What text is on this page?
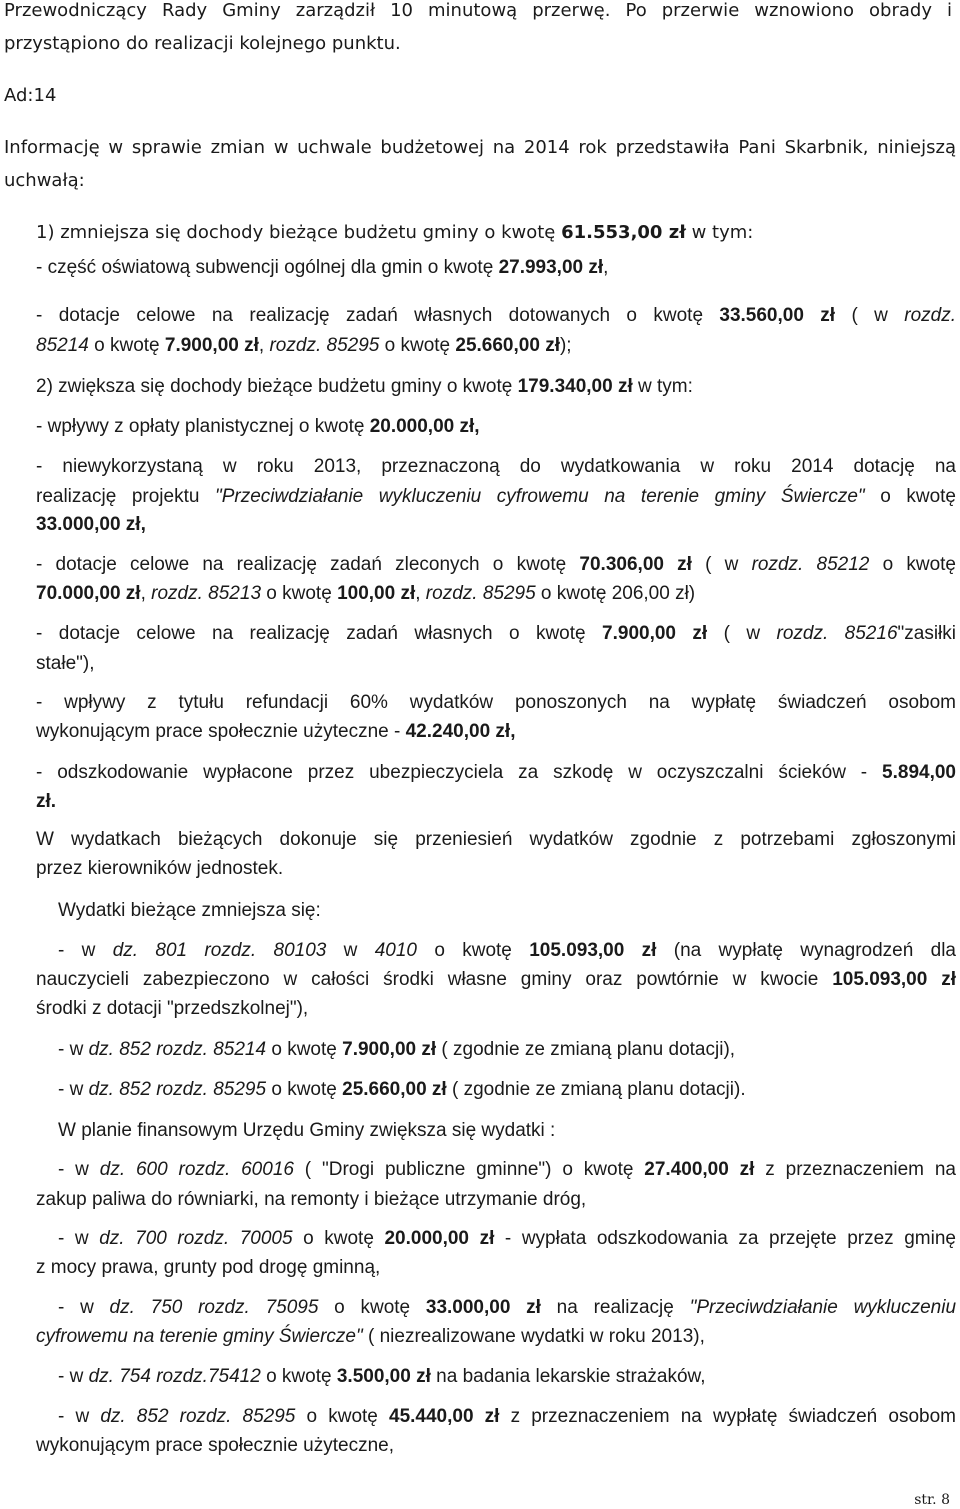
Przewodniczący Rady Gminy zarządził 10 minutową przerwę. Po przerwie wznowiono obrady i
przystąpiono do realizacji kolejnego punktu.
Ad:14
Informację w sprawie zmian w uchwale budżetowej na 2014 rok przedstawiła Pani Skarbnik, niniejszą
uchwałą:
1) zmniejsza się dochody bieżące budżetu gminy o kwotę 61.553,00 zł w tym:
- część oświatową subwencji ogólnej dla gmin o kwotę 27.993,00 zł,
- dotacje celowe na realizację zadań własnych dotowanych o kwotę 33.560,00 zł ( w rozdz.
85214 o kwotę 7.900,00 zł, rozdz. 85295 o kwotę 25.660,00 zł);
2) zwiększa się dochody bieżące budżetu gminy o kwotę 179.340,00 zł w tym:
- wpływy z opłaty planistycznej o kwotę 20.000,00 zł,
- niewykorzystaną w roku 2013, przeznaczoną do wydatkowania w roku 2014 dotację na
realizację projektu "Przeciwdziałanie wykluczeniu cyfrowemu na terenie gminy Świercze" o kwotę
33.000,00 zł,
- dotacje celowe na realizację zadań zleconych o kwotę 70.306,00 zł ( w rozdz. 85212 o kwotę
70.000,00 zł, rozdz. 85213 o kwotę 100,00 zł, rozdz. 85295 o kwotę 206,00 zł)
- dotacje celowe na realizację zadań własnych o kwotę 7.900,00 zł ( w rozdz. 85216"zasiłki
stałe"),
- wpływy z tytułu refundacji 60% wydatków ponoszonych na wypłatę świadczeń osobom
wykonującym prace społecznie użyteczne - 42.240,00 zł,
- odszkodowanie wypłacone przez ubezpieczyciela za szkodę w oczyszczalni ścieków - 5.894,00
zł.
W wydatkach bieżących dokonuje się przeniesień wydatków zgodnie z potrzebami zgłoszonymi
przez kierowników jednostek.
Wydatki bieżące zmniejsza się:
- w dz. 801 rozdz. 80103 w 4010 o kwotę 105.093,00 zł (na wypłatę wynagrodzeń dla
nauczycieli zabezpieczono w całości środki własne gminy oraz powtórnie w kwocie 105.093,00 zł
środki z dotacji "przedszkolnej"),
- w dz. 852 rozdz. 85214 o kwotę 7.900,00 zł ( zgodnie ze zmianą planu dotacji),
- w dz. 852 rozdz. 85295 o kwotę 25.660,00 zł ( zgodnie ze zmianą planu dotacji).
W planie finansowym Urzędu Gminy zwiększa się wydatki :
- w dz. 600 rozdz. 60016 ( "Drogi publiczne gminne") o kwotę 27.400,00 zł z przeznaczeniem na
zakup paliwa do równiarki, na remonty i bieżące utrzymanie dróg,
- w dz. 700 rozdz. 70005 o kwotę 20.000,00 zł - wypłata odszkodowania za przejęte przez gminę
z mocy prawa, grunty pod drogę gminną,
- w dz. 750 rozdz. 75095 o kwotę 33.000,00 zł na realizację "Przeciwdziałanie wykluczeniu
cyfrowemu na terenie gminy Świercze" ( niezrealizowane wydatki w roku 2013),
- w dz. 754 rozdz.75412 o kwotę 3.500,00 zł na badania lekarskie strażaków,
- w dz. 852 rozdz. 85295 o kwotę 45.440,00 zł z przeznaczeniem na wypłatę świadczeń osobom
wykonującym prace społecznie użyteczne,
str. 8
